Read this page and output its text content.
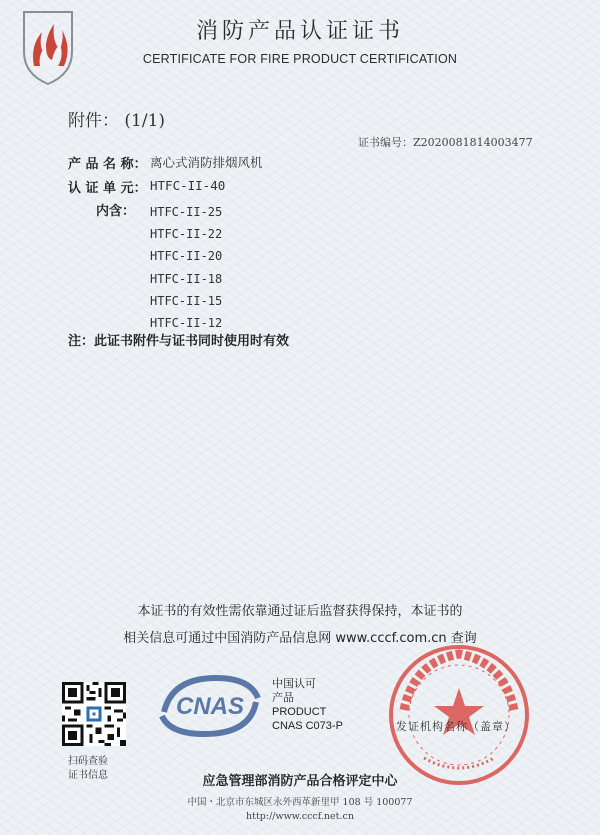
消防产品认证证书
CERTIFICATE FOR FIRE PRODUCT CERTIFICATION
附件： (1/1)
证书编号：Z2020081814003477
产 品 名 称： 离心式消防排烟风机
认 证 单 元： HTFC-II-40
内含： HTFC-II-25
HTFC-II-22
HTFC-II-20
HTFC-II-18
HTFC-II-15
HTFC-II-12
注：此证书附件与证书同时使用时有效
本证书的有效性需依靠通过证后监督获得保持，本证书的
相关信息可通过中国消防产品信息网 www.cccf.com.cn 查询
扫码查验
证书信息
CNAS
中国认可
产品
PRODUCT
CNAS C073-P	发证机构名称（盖章）
应急管理部消防产品合格评定中心
中国・北京市东城区永外西革新里甲 108 号 100077
http://www.cccf.net.cn
